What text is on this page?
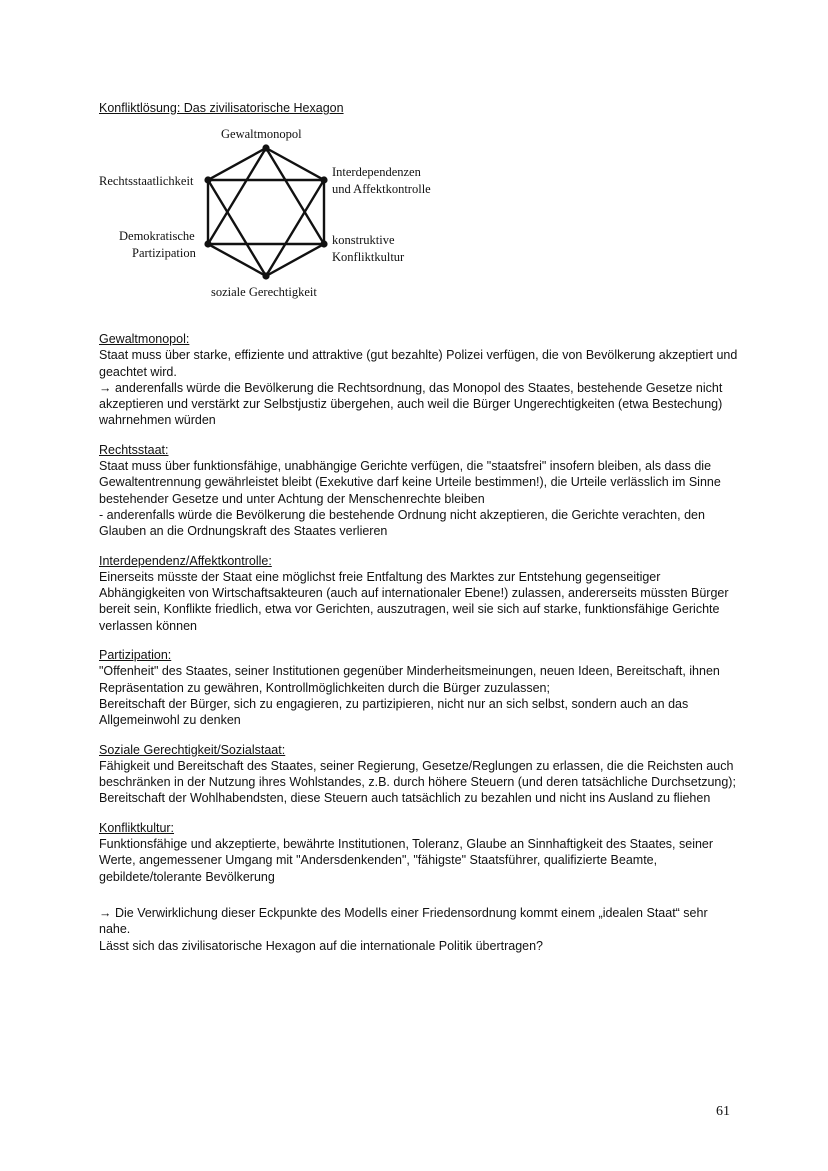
Konfliktlösung: Das zivilisatorische Hexagon

Gewaltmonopol
Rechtsstaatlichkeit
Interdependenzen
und Affektkontrolle
Demokratische
Partizipation
konstruktive
Konfliktkultur
soziale Gerechtigkeit
Gewaltmonopol:
Staat muss über starke, effiziente und attraktive (gut bezahlte) Polizei verfügen, die von Bevölkerung akzeptiert und geachtet wird.
→ anderenfalls würde die Bevölkerung die Rechtsordnung, das Monopol des Staates, bestehende Gesetze nicht akzeptieren und verstärkt zur Selbstjustiz übergehen, auch weil die Bürger Ungerechtigkeiten (etwa Bestechung) wahrnehmen würden
Rechtsstaat:
Staat muss über funktionsfähige, unabhängige Gerichte verfügen, die "staatsfrei" insofern bleiben, als dass die Gewaltentrennung gewährleistet bleibt (Exekutive darf keine Urteile bestimmen!), die Urteile verlässlich im Sinne bestehender Gesetze und unter Achtung der Menschenrechte bleiben
- anderenfalls würde die Bevölkerung die bestehende Ordnung nicht akzeptieren, die Gerichte verachten, den Glauben an die Ordnungskraft des Staates verlieren
Interdependenz/Affektkontrolle:
Einerseits müsste der Staat eine möglichst freie Entfaltung des Marktes zur Entstehung gegenseitiger Abhängigkeiten von Wirtschaftsakteuren (auch auf internationaler Ebene!) zulassen, andererseits müssten Bürger bereit sein, Konflikte friedlich, etwa vor Gerichten, auszutragen, weil sie sich auf starke, funktionsfähige Gerichte verlassen können
Partizipation:
"Offenheit" des Staates, seiner Institutionen gegenüber Minderheitsmeinungen, neuen Ideen, Bereitschaft, ihnen Repräsentation zu gewähren, Kontrollmöglichkeiten durch die Bürger zuzulassen;
Bereitschaft der Bürger, sich zu engagieren, zu partizipieren, nicht nur an sich selbst, sondern auch an das Allgemeinwohl zu denken
Soziale Gerechtigkeit/Sozialstaat:
Fähigkeit und Bereitschaft des Staates, seiner Regierung, Gesetze/Reglungen zu erlassen, die die Reichsten auch beschränken in der Nutzung ihres Wohlstandes, z.B. durch höhere Steuern (und deren tatsächliche Durchsetzung); Bereitschaft der Wohlhabendsten, diese Steuern auch tatsächlich zu bezahlen und nicht ins Ausland zu fliehen
Konfliktkultur:
Funktionsfähige und akzeptierte, bewährte Institutionen, Toleranz, Glaube an Sinnhaftigkeit des Staates, seiner Werte, angemessener Umgang mit "Andersdenkenden", "fähigste" Staatsführer, qualifizierte Beamte, gebildete/tolerante Bevölkerung
→ Die Verwirklichung dieser Eckpunkte des Modells einer Friedensordnung kommt einem „idealen Staat“ sehr nahe.
Lässt sich das zivilisatorische Hexagon auf die internationale Politik übertragen?
61
